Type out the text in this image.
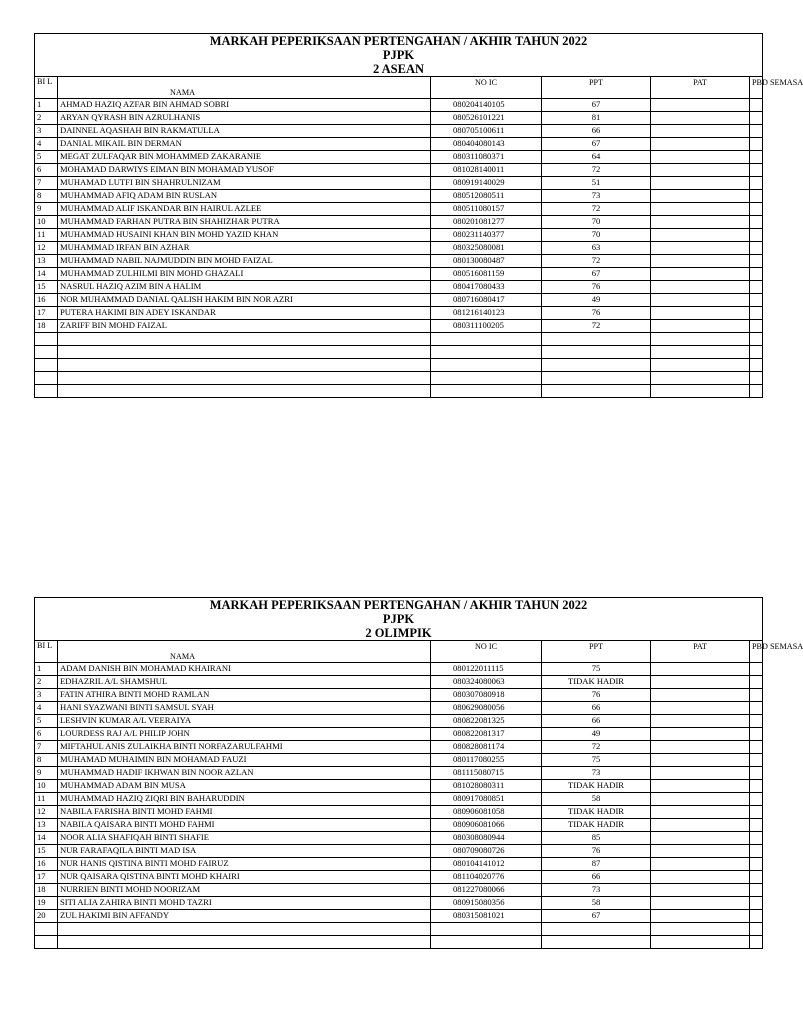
MARKAH PEPERIKSAAN PERTENGAHAN / AKHIR TAHUN 2022
PJPK
2 ASEAN
BI L	NAMA	NO IC	PPT	PAT	PBD SEMASA
1	AHMAD HAZIQ AZFAR BIN AHMAD SOBRI	080204140105	67		
2	ARYAN QYRASH BIN AZRULHANIS	080526101221	81		
3	DAINNEL AQASHAH BIN RAKMATULLA	080705100611	66		
4	DANIAL MIKAIL BIN DERMAN	080404080143	67		
5	MEGAT ZULFAQAR BIN MOHAMMED ZAKARANIE	080311080371	64		
6	MOHAMAD DARWIYS EIMAN BIN MOHAMAD YUSOF	081028140011	72		
7	MUHAMAD LUTFI BIN SHAHRULNIZAM	080919140029	51		
8	MUHAMMAD AFIQ ADAM BIN RUSLAN	080512080511	73		
9	MUHAMMAD ALIF ISKANDAR BIN HAIRUL AZLEE	080511080157	72		
10	MUHAMMAD FARHAN PUTRA BIN SHAHIZHAR PUTRA	080201081277	70		
11	MUHAMMAD HUSAINI KHAN BIN MOHD YAZID KHAN	080231140377	70		
12	MUHAMMAD IRFAN BIN AZHAR	080325080081	63		
13	MUHAMMAD NABIL NAJMUDDIN BIN MOHD FAIZAL	080130080487	72		
14	MUHAMMAD ZULHILMI BIN MOHD GHAZALI	080516081159	67		
15	NASRUL HAZIQ AZIM BIN A HALIM	080417080433	76		
16	NOR MUHAMMAD DANIAL QALISH HAKIM BIN NOR AZRI	080716080417	49		
17	PUTERA HAKIMI BIN ADEY ISKANDAR	081216140123	76		
18	ZARIFF BIN MOHD FAIZAL	080311100205	72		

MARKAH PEPERIKSAAN PERTENGAHAN / AKHIR TAHUN 2022
PJPK
2 OLIMPIK
BI L	NAMA	NO IC	PPT	PAT	PBD SEMASA
1	ADAM DANISH BIN MOHAMAD KHAIRANI	080122011115	75		
2	EDHAZRIL A/L SHAMSHUL	080324080063	TIDAK HADIR		
3	FATIN ATHIRA BINTI MOHD RAMLAN	080307080918	76		
4	HANI SYAZWANI BINTI SAMSUL SYAH	080629080056	66		
5	LESHVIN KUMAR A/L VEERAIYA	080822081325	66		
6	LOURDESS RAJ A/L PHILIP JOHN	080822081317	49		
7	MIFTAHUL ANIS ZULAIKHA BINTI NORFAZARULFAHMI	080828081174	72		
8	MUHAMAD MUHAIMIN BIN MOHAMAD FAUZI	080117080255	75		
9	MUHAMMAD HADIF IKHWAN BIN NOOR AZLAN	081115080715	73		
10	MUHAMMAD ADAM BIN MUSA	081028080311	TIDAK HADIR		
11	MUHAMMAD HAZIQ ZIQRI BIN BAHARUDDIN	080917080851	58		
12	NABILA FARISHA BINTI MOHD FAHMI	080906081058	TIDAK HADIR		
13	NABILA QAISARA BINTI MOHD FAHMI	080906081066	TIDAK HADIR		
14	NOOR ALIA SHAFIQAH BINTI SHAFIE	080308080944	85		
15	NUR FARAFAQILA BINTI MAD ISA	080709080726	76		
16	NUR HANIS QISTINA BINTI MOHD FAIRUZ	080104141012	87		
17	NUR QAISARA QISTINA BINTI MOHD KHAIRI	081104020776	66		
18	NURRIEN BINTI MOHD NOORIZAM	081227080066	73		
19	SITI ALIA ZAHIRA BINTI MOHD TAZRI	080915080356	58		
20	ZUL HAKIMI BIN AFFANDY	080315081021	67		
